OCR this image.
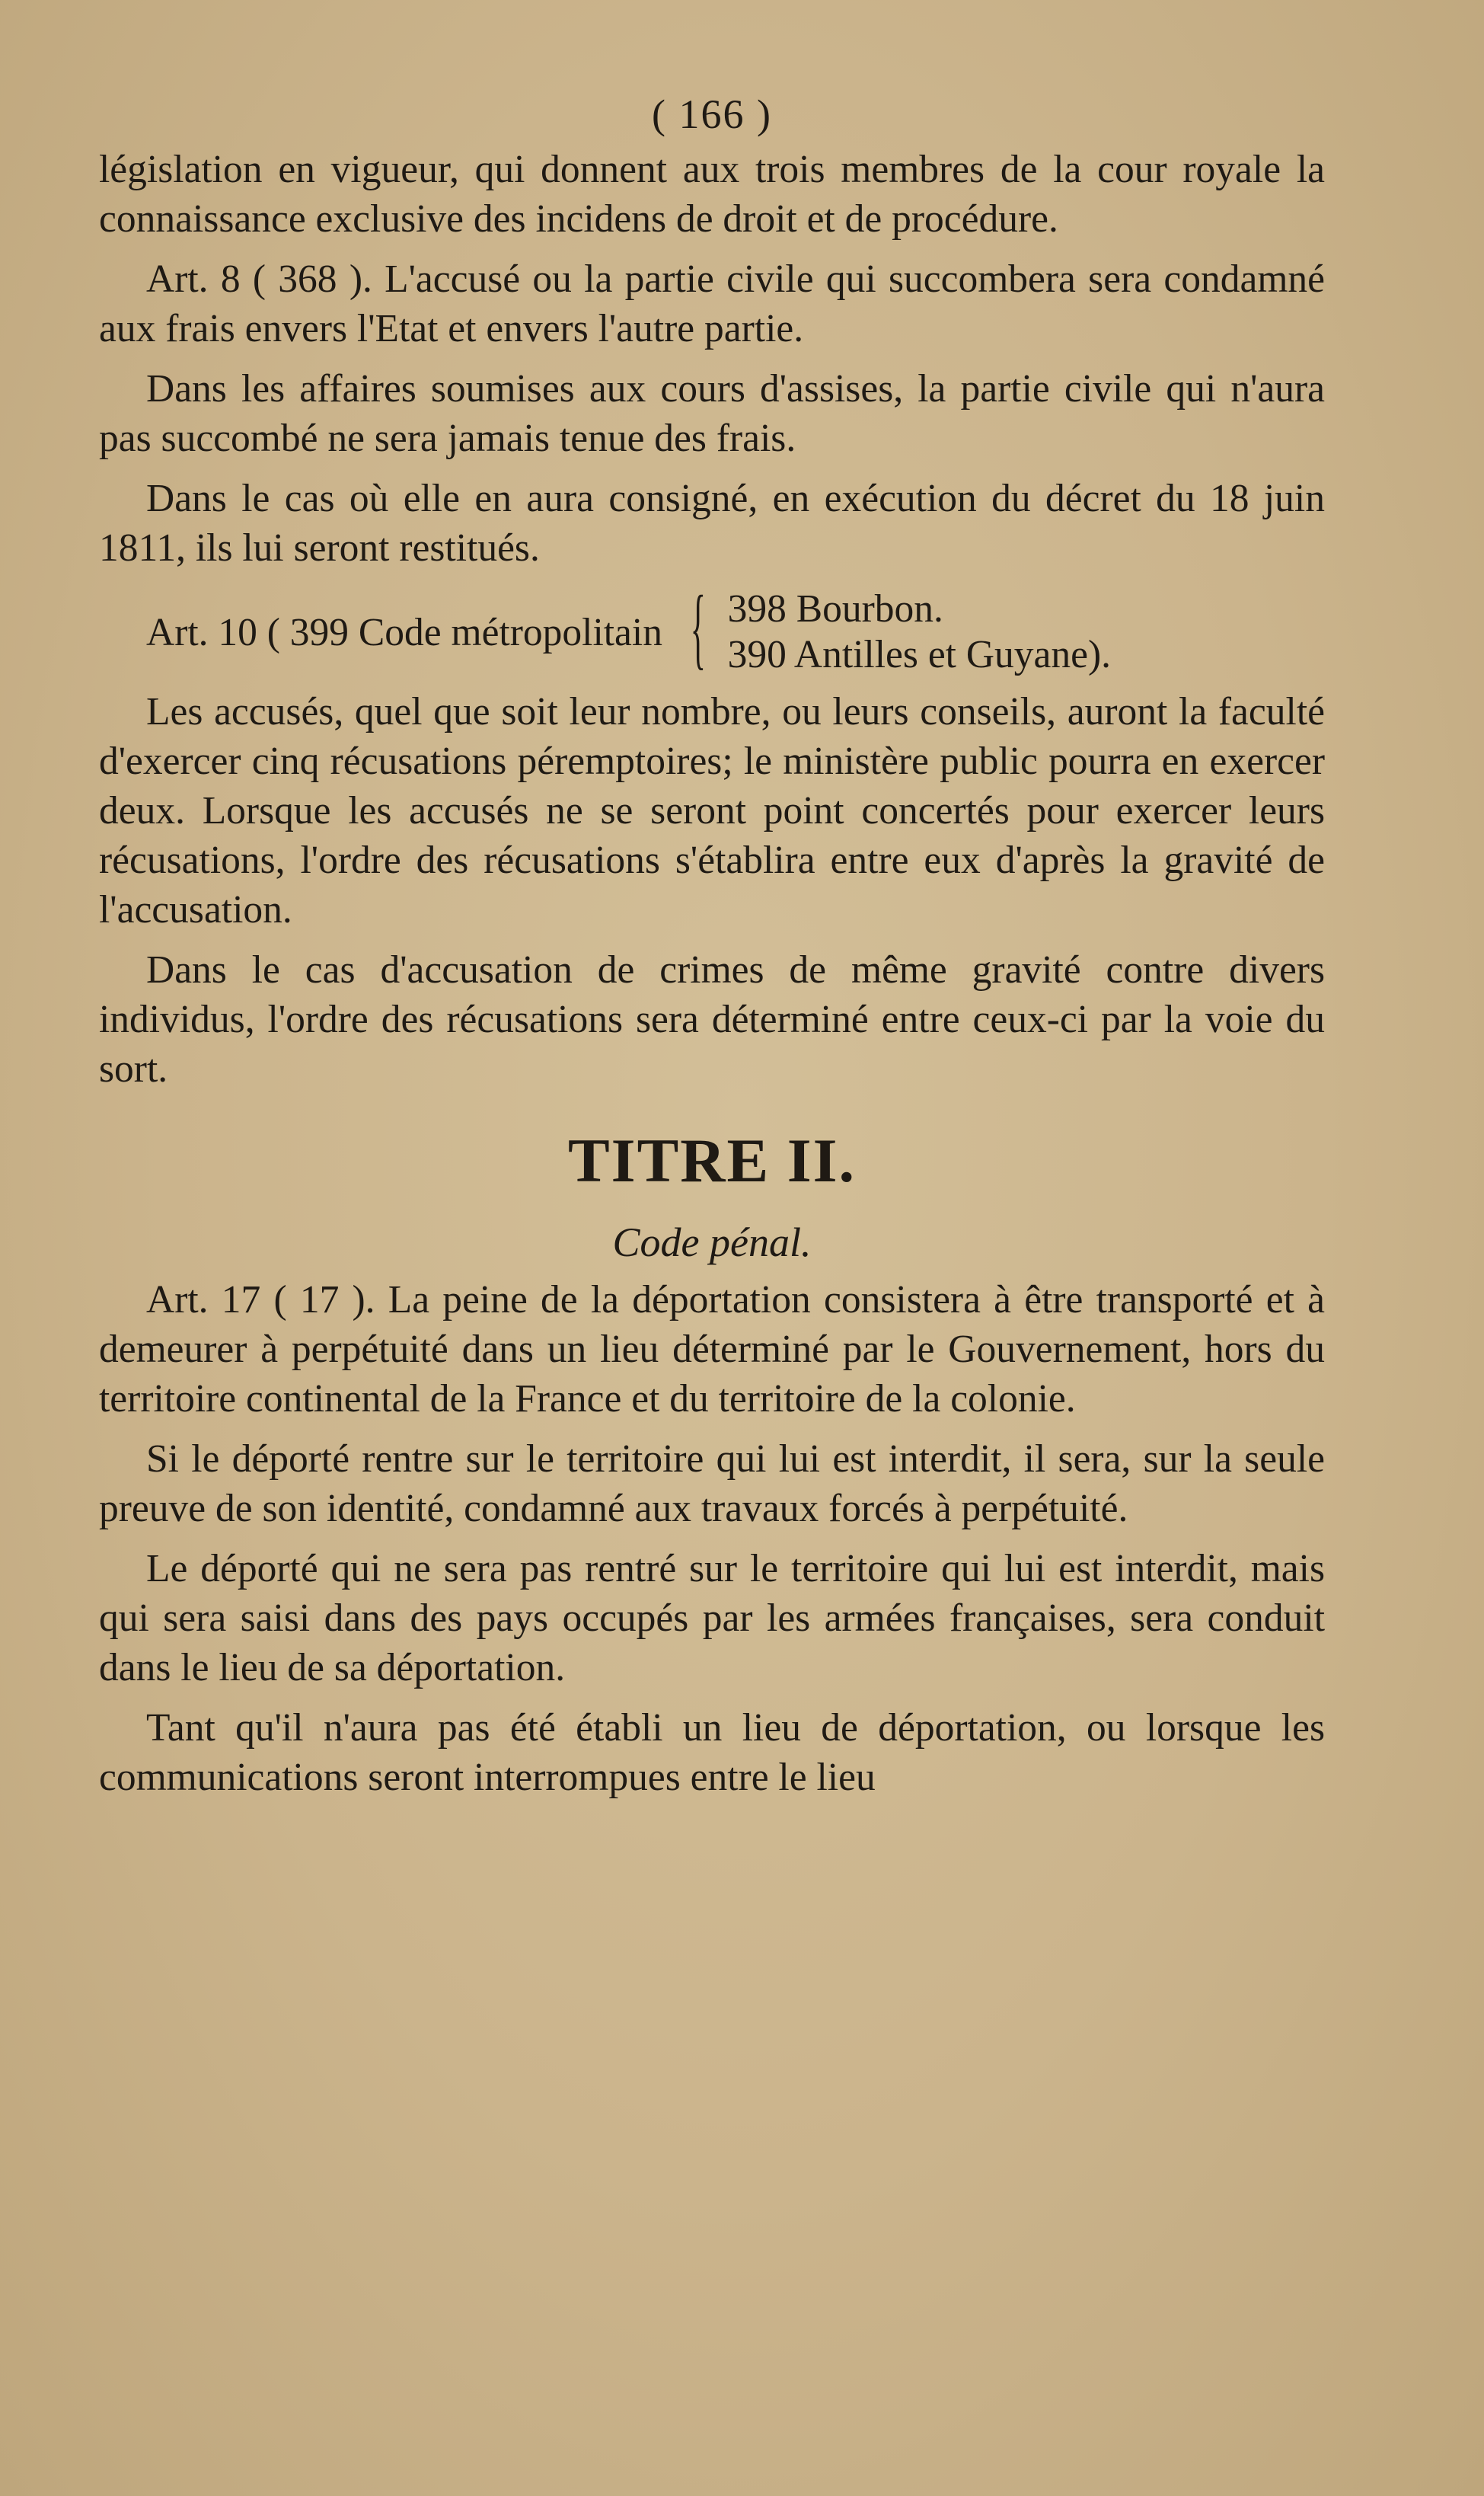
( 166 )

législation en vigueur, qui donnent aux trois membres de la cour royale la connaissance exclusive des incidens de droit et de procédure.

Art. 8 ( 368 ). L'accusé ou la partie civile qui succombera sera condamné aux frais envers l'Etat et envers l'autre partie.

Dans les affaires soumises aux cours d'assises, la partie civile qui n'aura pas succombé ne sera jamais tenue des frais.

Dans le cas où elle en aura consigné, en exécution du décret du 18 juin 1811, ils lui seront restitués.

Art. 10 ( 399 Code métropolitain { 398 Bourbon.
390 Antilles et Guyane).

Les accusés, quel que soit leur nombre, ou leurs conseils, auront la faculté d'exercer cinq récusations péremptoires; le ministère public pourra en exercer deux. Lorsque les accusés ne se seront point concertés pour exercer leurs récusations, l'ordre des récusations s'établira entre eux d'après la gravité de l'accusation.

Dans le cas d'accusation de crimes de même gravité contre divers individus, l'ordre des récusations sera déterminé entre ceux-ci par la voie du sort.

TITRE II.
Code pénal.

Art. 17 ( 17 ). La peine de la déportation consistera à être transporté et à demeurer à perpétuité dans un lieu déterminé par le Gouvernement, hors du territoire continental de la France et du territoire de la colonie.

Si le déporté rentre sur le territoire qui lui est interdit, il sera, sur la seule preuve de son identité, condamné aux travaux forcés à perpétuité.

Le déporté qui ne sera pas rentré sur le territoire qui lui est interdit, mais qui sera saisi dans des pays occupés par les armées françaises, sera conduit dans le lieu de sa déportation.

Tant qu'il n'aura pas été établi un lieu de déportation, ou lorsque les communications seront interrompues entre le lieu
